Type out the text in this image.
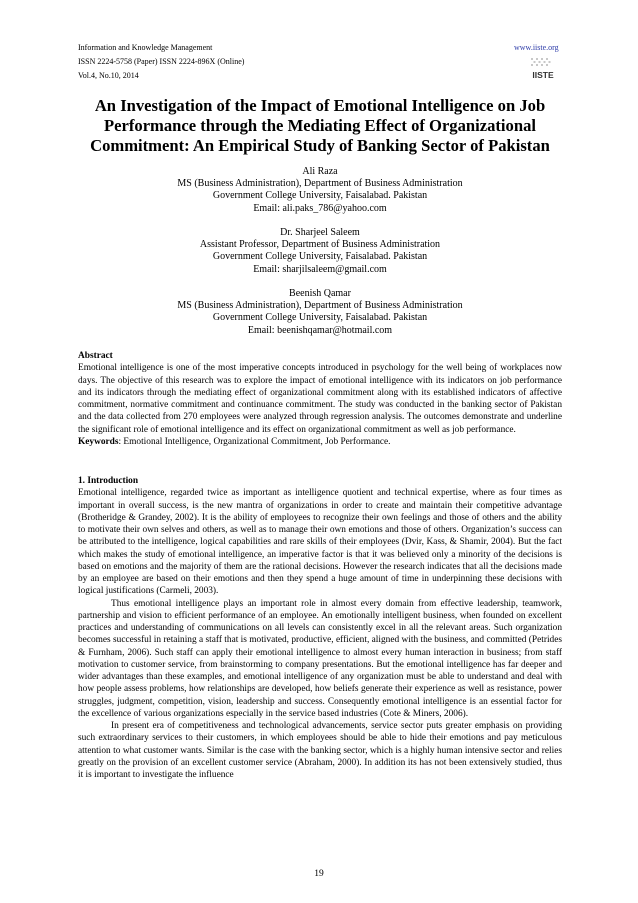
Information and Knowledge Management
ISSN 2224-5758 (Paper) ISSN 2224-896X (Online)
Vol.4, No.10, 2014
www.iiste.org
IISTE
An Investigation of the Impact of Emotional Intelligence on Job Performance through the Mediating Effect of Organizational Commitment: An Empirical Study of Banking Sector of Pakistan
Ali Raza
MS (Business Administration), Department of Business Administration
Government College University, Faisalabad. Pakistan
Email: ali.paks_786@yahoo.com
Dr. Sharjeel Saleem
Assistant Professor, Department of Business Administration
Government College University, Faisalabad. Pakistan
Email: sharjilsaleem@gmail.com
Beenish Qamar
MS (Business Administration), Department of Business Administration
Government College University, Faisalabad. Pakistan
Email: beenishqamar@hotmail.com

Abstract

Emotional intelligence is one of the most imperative concepts introduced in psychology for the well being of workplaces now days. The objective of this research was to explore the impact of emotional intelligence with its indicators on job performance and its indicators through the mediating effect of organizational commitment along with its established indicators of affective commitment, normative commitment and continuance commitment. The study was conducted in the banking sector of Pakistan and the data collected from 270 employees were analyzed through regression analysis. The outcomes demonstrate and underline the significant role of emotional intelligence and its effect on organizational commitment as well as job performance.

Keywords: Emotional Intelligence, Organizational Commitment, Job Performance.

1. Introduction

Emotional intelligence, regarded twice as important as intelligence quotient and technical expertise, where as four times as important in overall success, is the new mantra of organizations in order to create and maintain their competitive advantage (Brotheridge & Grandey, 2002). It is the ability of employees to recognize their own feelings and those of others and the ability to motivate their own selves and others, as well as to manage their own emotions and those of others. Organization’s success can be attributed to the intelligence, logical capabilities and rare skills of their employees (Dvir, Kass, & Shamir, 2004). But the fact which makes the study of emotional intelligence, an imperative factor is that it was believed only a minority of the decisions is based on emotions and the majority of them are the rational decisions. However the research indicates that all the decisions made by an employee are based on their emotions and then they spend a huge amount of time in underpinning these decisions with logical justifications (Carmeli, 2003).

Thus emotional intelligence plays an important role in almost every domain from effective leadership, teamwork, partnership and vision to efficient performance of an employee. An emotionally intelligent business, when founded on excellent practices and understanding of communications on all levels can consistently excel in all the relevant areas. Such organization becomes successful in retaining a staff that is motivated, productive, efficient, aligned with the business, and committed (Petrides & Furnham, 2006). Such staff can apply their emotional intelligence to almost every human interaction in business; from staff motivation to customer service, from brainstorming to company presentations. But the emotional intelligence has far deeper and wider advantages than these examples, and emotional intelligence of any organization must be able to understand and deal with how people assess problems, how relationships are developed, how beliefs generate their experience as well as resistance, power struggles, judgment, competition, vision, leadership and success. Consequently emotional intelligence is an essential factor for the excellence of various organizations especially in the service based industries (Cote & Miners, 2006).

In present era of competitiveness and technological advancements, service sector puts greater emphasis on providing such extraordinary services to their customers, in which employees should be able to hide their emotions and pay meticulous attention to what customer wants. Similar is the case with the banking sector, which is a highly human intensive sector and relies greatly on the provision of an excellent customer service (Abraham, 2000). In addition its has not been extensively studied, thus it is important to investigate the influence

19
